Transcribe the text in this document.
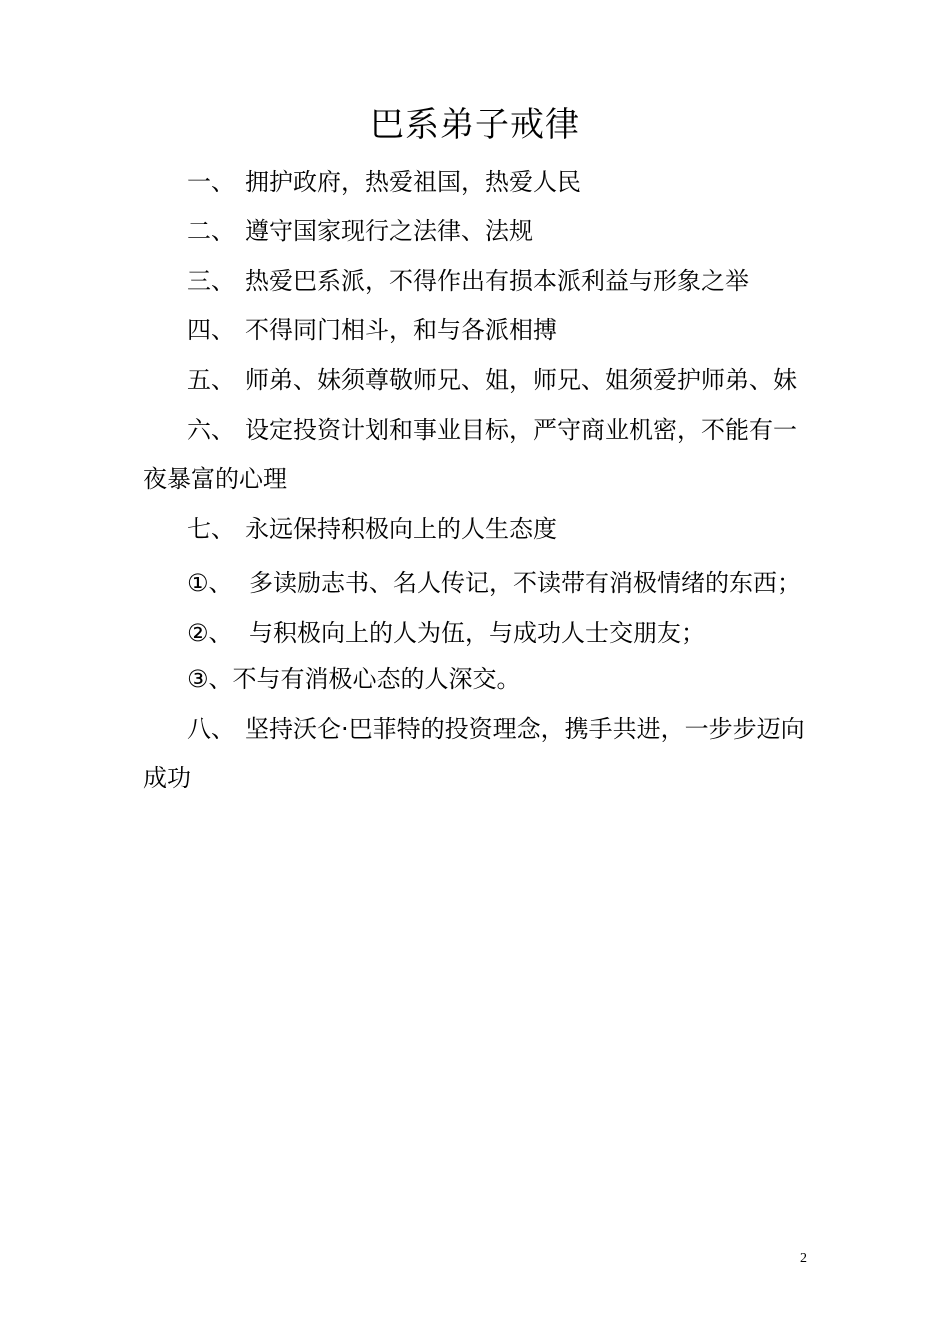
巴系弟子戒律
一、 拥护政府，热爱祖国，热爱人民
二、 遵守国家现行之法律、法规
三、 热爱巴系派，不得作出有损本派利益与形象之举
四、 不得同门相斗，和与各派相搏
五、 师弟、妹须尊敬师兄、姐，师兄、姐须爱护师弟、妹
六、 设定投资计划和事业目标，严守商业机密，不能有一
夜暴富的心理
七、 永远保持积极向上的人生态度
①、 多读励志书、名人传记，不读带有消极情绪的东西；
②、 与积极向上的人为伍，与成功人士交朋友；
③、不与有消极心态的人深交。
八、 坚持沃仑·巴菲特的投资理念，携手共进，一步步迈向
成功
2
